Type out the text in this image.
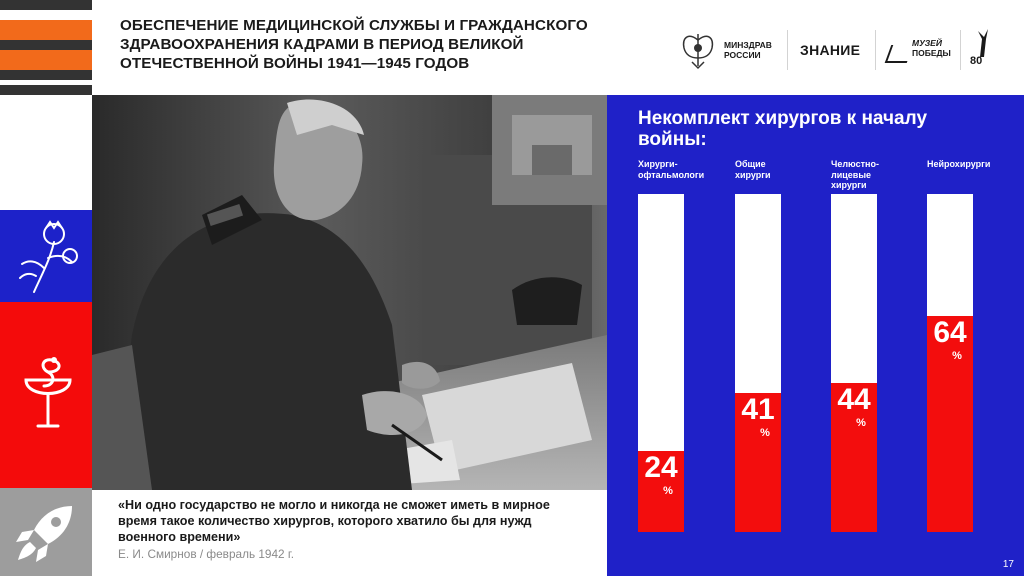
ОБЕСПЕЧЕНИЕ МЕДИЦИНСКОЙ СЛУЖБЫ И ГРАЖДАНСКОГО ЗДРАВООХРАНЕНИЯ КАДРАМИ В ПЕРИОД ВЕЛИКОЙ ОТЕЧЕСТВЕННОЙ ВОЙНЫ 1941—1945 ГОДОВ
МИНЗДРАВ
РОССИИ	ЗНАНИЕ	МУЗЕЙ
ПОБЕДЫ
80
«Ни одно государство не могло и никогда не сможет иметь в мирное время такое количество хирургов, которого хватило бы для нужд военного времени»
Е. И. Смирнов / февраль 1942 г.
Некомплект хирургов к началу войны:
Хирурги-офтальмологи
Общие хирурги
Челюстно-лицевые хирурги
Нейрохирурги
24
%
41
%
44
%
64
%
17
